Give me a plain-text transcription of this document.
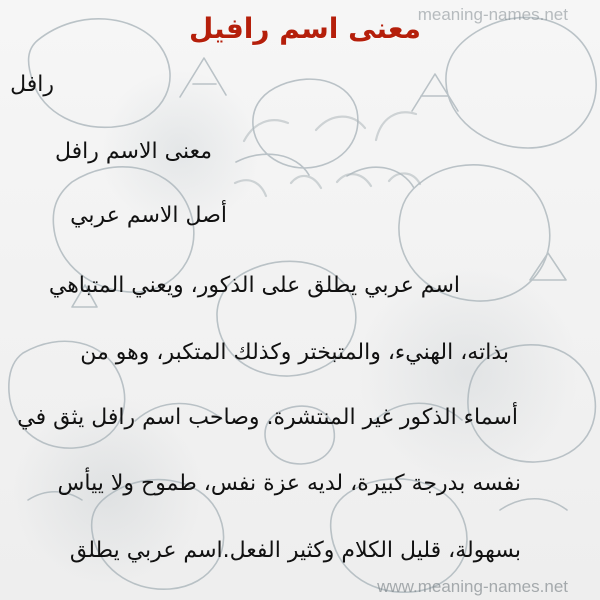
meaning-names.net
معنى اسم رافيل
رافل
معنى الاسم رافل
أصل الاسم عربي
اسم عربي يطلق على الذكور، ويعني المتباهي
بذاته، الهنيء، والمتبختر وكذلك المتكبر، وهو من
أسماء الذكور غير المنتشرة. وصاحب اسم رافل يثق في
نفسه بدرجة كبيرة، لديه عزة نفس، طموح ولا ييأس
بسهولة، قليل الكلام وكثير الفعل.اسم عربي يطلق
www.meaning-names.net
